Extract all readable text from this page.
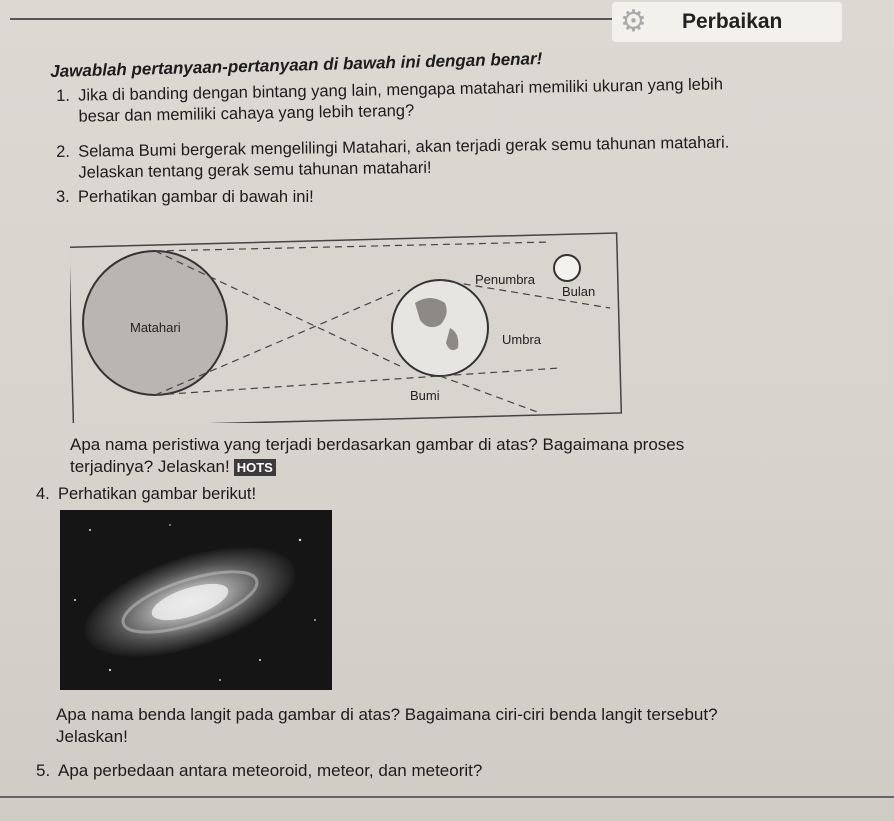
⚙ Perbaikan
Jawablah pertanyaan-pertanyaan di bawah ini dengan benar!
1. Jika di banding dengan bintang yang lain, mengapa matahari memiliki ukuran yang lebih
besar dan memiliki cahaya yang lebih terang?
2. Selama Bumi bergerak mengelilingi Matahari, akan terjadi gerak semu tahunan matahari.
Jelaskan tentang gerak semu tahunan matahari!
3. Perhatikan gambar di bawah ini!
Matahari
Bumi
Bulan
Penumbra
Umbra
Apa nama peristiwa yang terjadi berdasarkan gambar di atas? Bagaimana proses
terjadinya? Jelaskan! HOTS
4. Perhatikan gambar berikut!
Apa nama benda langit pada gambar di atas? Bagaimana ciri-ciri benda langit tersebut?
Jelaskan!
5. Apa perbedaan antara meteoroid, meteor, dan meteorit?
